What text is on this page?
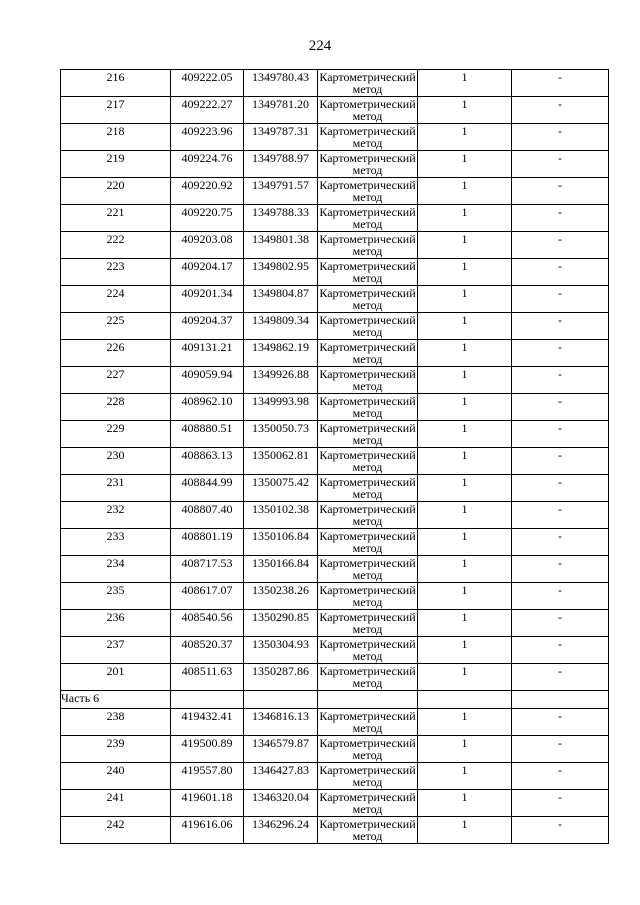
224
216	409222.05	1349780.43	Картометрический метод	1	-

217	409222.27	1349781.20	Картометрический метод	1	-

218	409223.96	1349787.31	Картометрический метод	1	-

219	409224.76	1349788.97	Картометрический метод	1	-

220	409220.92	1349791.57	Картометрический метод	1	-

221	409220.75	1349788.33	Картометрический метод	1	-

222	409203.08	1349801.38	Картометрический метод	1	-

223	409204.17	1349802.95	Картометрический метод	1	-

224	409201.34	1349804.87	Картометрический метод	1	-

225	409204.37	1349809.34	Картометрический метод	1	-

226	409131.21	1349862.19	Картометрический метод	1	-

227	409059.94	1349926.88	Картометрический метод	1	-

228	408962.10	1349993.98	Картометрический метод	1	-

229	408880.51	1350050.73	Картометрический метод	1	-

230	408863.13	1350062.81	Картометрический метод	1	-

231	408844.99	1350075.42	Картометрический метод	1	-

232	408807.40	1350102.38	Картометрический метод	1	-

233	408801.19	1350106.84	Картометрический метод	1	-

234	408717.53	1350166.84	Картометрический метод	1	-

235	408617.07	1350238.26	Картометрический метод	1	-

236	408540.56	1350290.85	Картометрический метод	1	-

237	408520.37	1350304.93	Картометрический метод	1	-

201	408511.63	1350287.86	Картометрический метод	1	-

Часть 6					

238	419432.41	1346816.13	Картометрический метод	1	-

239	419500.89	1346579.87	Картометрический метод	1	-

240	419557.80	1346427.83	Картометрический метод	1	-

241	419601.18	1346320.04	Картометрический метод	1	-

242	419616.06	1346296.24	Картометрический метод	1	-
